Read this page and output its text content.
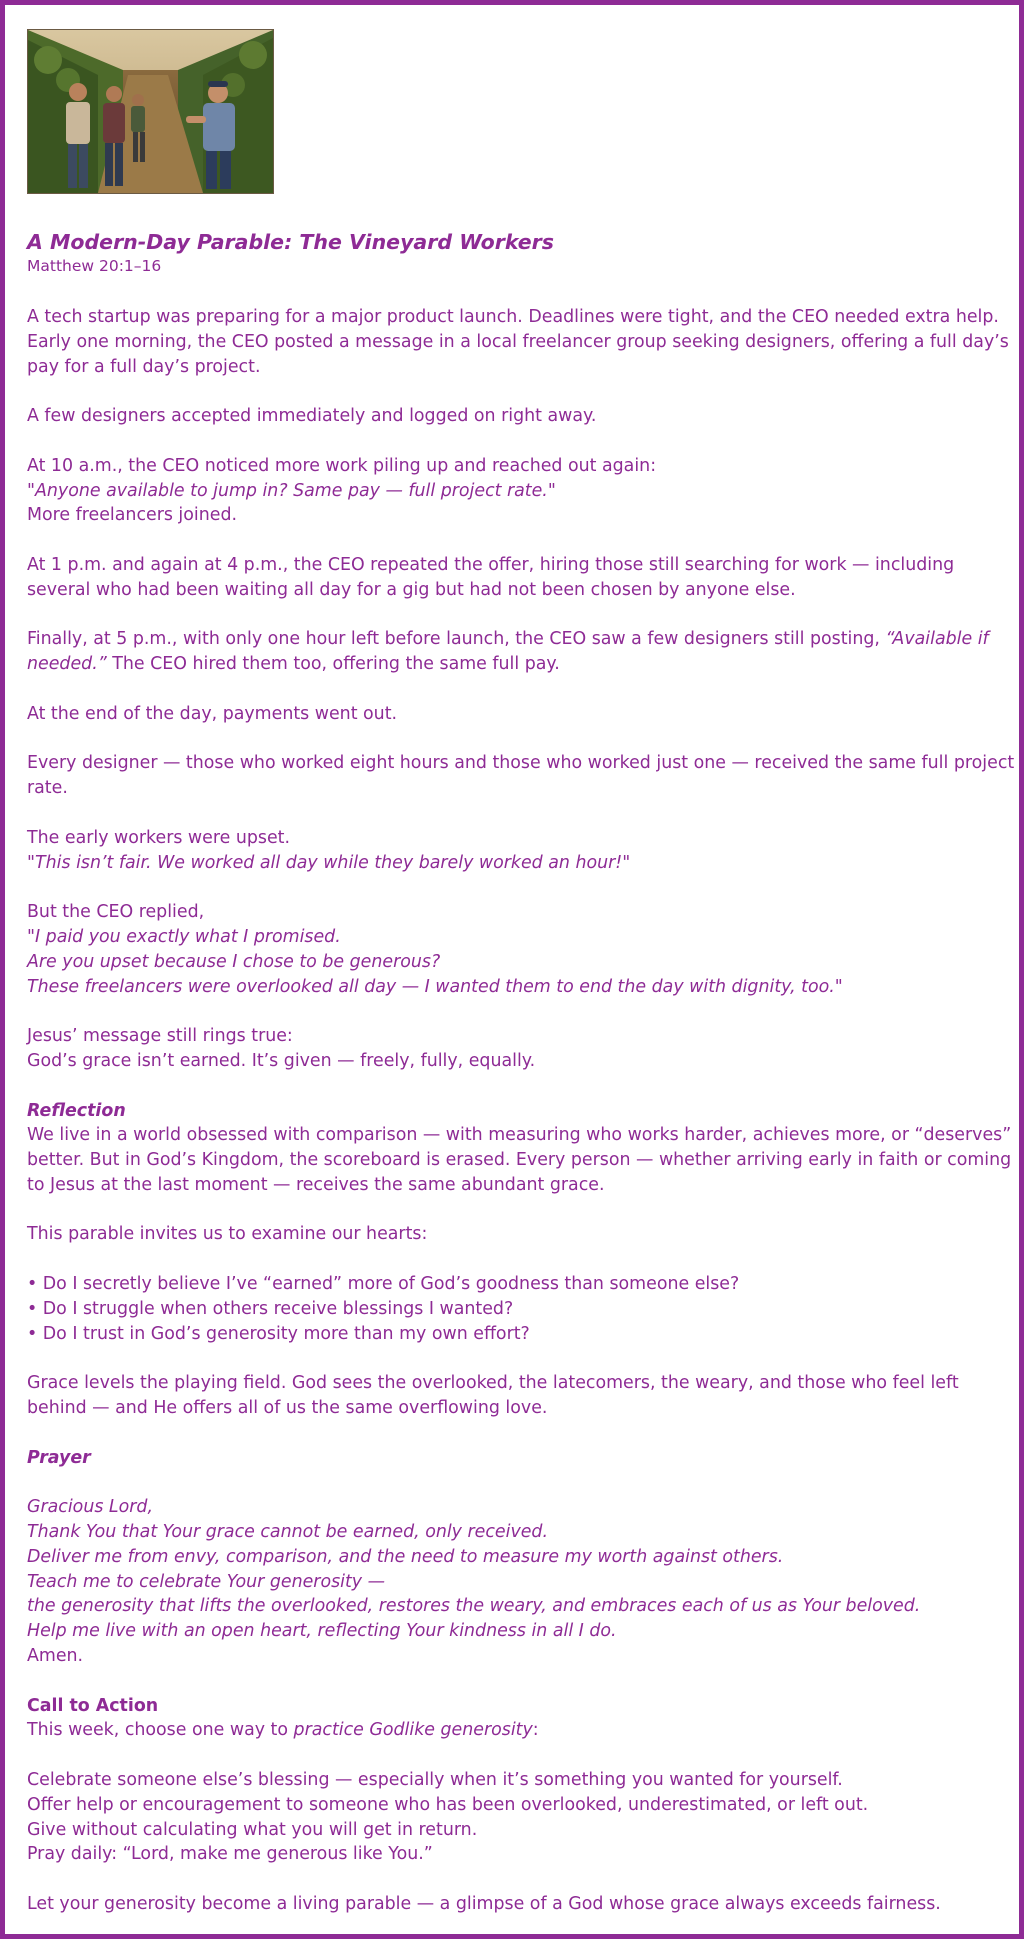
A Modern-Day Parable: The Vineyard Workers
Matthew 20:1–16

A tech startup was preparing for a major product launch. Deadlines were tight, and the CEO needed extra help. Early one morning, the CEO posted a message in a local freelancer group seeking designers, offering a full day’s pay for a full day’s project.

A few designers accepted immediately and logged on right away.

At 10 a.m., the CEO noticed more work piling up and reached out again:
"Anyone available to jump in? Same pay — full project rate."
More freelancers joined.

At 1 p.m. and again at 4 p.m., the CEO repeated the offer, hiring those still searching for work — including several who had been waiting all day for a gig but had not been chosen by anyone else.

Finally, at 5 p.m., with only one hour left before launch, the CEO saw a few designers still posting, “Available if needed.” The CEO hired them too, offering the same full pay.

At the end of the day, payments went out.

Every designer — those who worked eight hours and those who worked just one — received the same full project rate.

The early workers were upset.
"This isn’t fair. We worked all day while they barely worked an hour!"

But the CEO replied,
"I paid you exactly what I promised.
Are you upset because I chose to be generous?
These freelancers were overlooked all day — I wanted them to end the day with dignity, too."

Jesus’ message still rings true:
God’s grace isn’t earned. It’s given — freely, fully, equally.

Reflection
We live in a world obsessed with comparison — with measuring who works harder, achieves more, or “deserves” better. But in God’s Kingdom, the scoreboard is erased. Every person — whether arriving early in faith or coming to Jesus at the last moment — receives the same abundant grace.

This parable invites us to examine our hearts:

• Do I secretly believe I’ve “earned” more of God’s goodness than someone else?
• Do I struggle when others receive blessings I wanted?
• Do I trust in God’s generosity more than my own effort?

Grace levels the playing field. God sees the overlooked, the latecomers, the weary, and those who feel left behind — and He offers all of us the same overflowing love.

Prayer

Gracious Lord,
Thank You that Your grace cannot be earned, only received.
Deliver me from envy, comparison, and the need to measure my worth against others.
Teach me to celebrate Your generosity —
the generosity that lifts the overlooked, restores the weary, and embraces each of us as Your beloved.
Help me live with an open heart, reflecting Your kindness in all I do.
Amen.

Call to Action
This week, choose one way to practice Godlike generosity:

Celebrate someone else’s blessing — especially when it’s something you wanted for yourself.
Offer help or encouragement to someone who has been overlooked, underestimated, or left out.
Give without calculating what you will get in return.
Pray daily: “Lord, make me generous like You.”

Let your generosity become a living parable — a glimpse of a God whose grace always exceeds fairness.
